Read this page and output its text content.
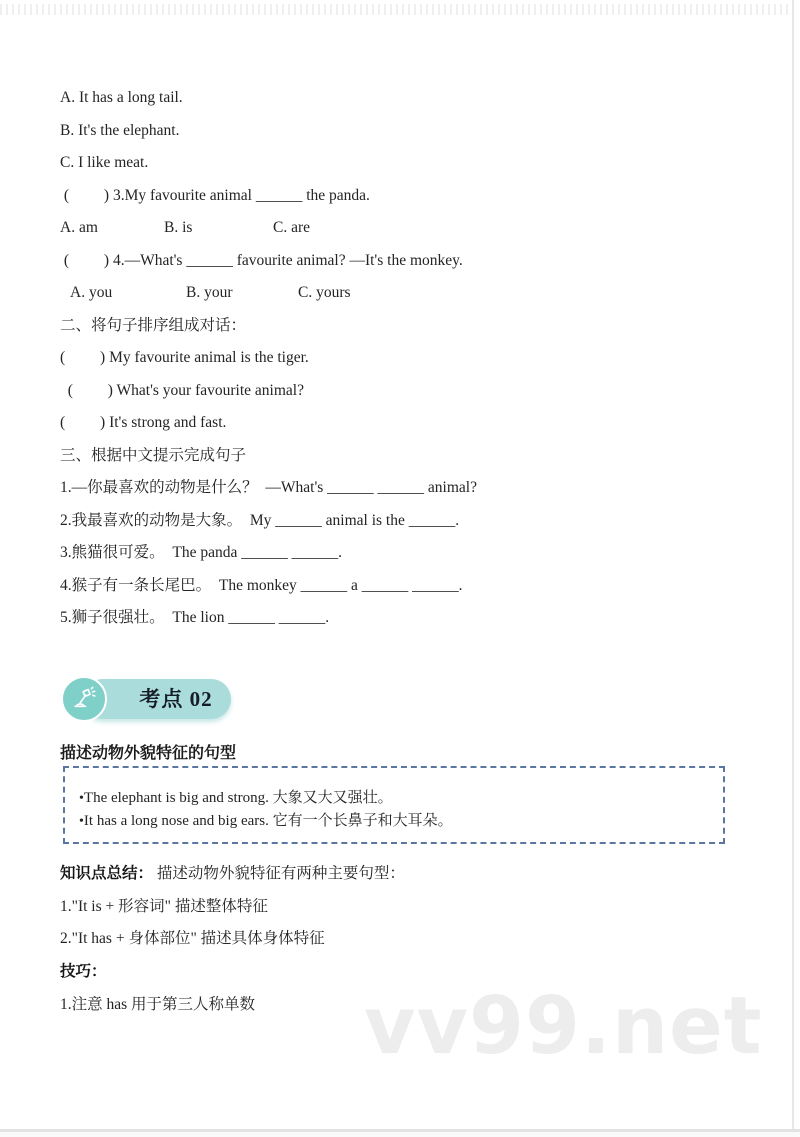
vv99.net
A. It has a long tail.
B. It's the elephant.
C. I like meat.
(         ) 3.My favourite animal ______ the panda.
A. am	B. is	C. are
(         ) 4.—What's ______ favourite animal? —It's the monkey.
A. you	B. your	C. yours
二、将句子排序组成对话：
(         ) My favourite animal is the tiger.
(         ) What's your favourite animal?
(         ) It's strong and fast.
三、根据中文提示完成句子
1.—你最喜欢的动物是什么？  —What's ______ ______ animal?
2.我最喜欢的动物是大象。  My ______ animal is the ______.
3.熊猫很可爱。  The panda ______ ______.
4.猴子有一条长尾巴。  The monkey ______ a ______ ______.
5.狮子很强壮。  The lion ______ ______.
考点 02
描述动物外貌特征的句型
•The elephant is big and strong. 大象又大又强壮。
•It has a long nose and big ears. 它有一个长鼻子和大耳朵。
知识点总结： 描述动物外貌特征有两种主要句型：
1."It is + 形容词" 描述整体特征
2."It has + 身体部位" 描述具体身体特征
技巧：
1.注意 has 用于第三人称单数
